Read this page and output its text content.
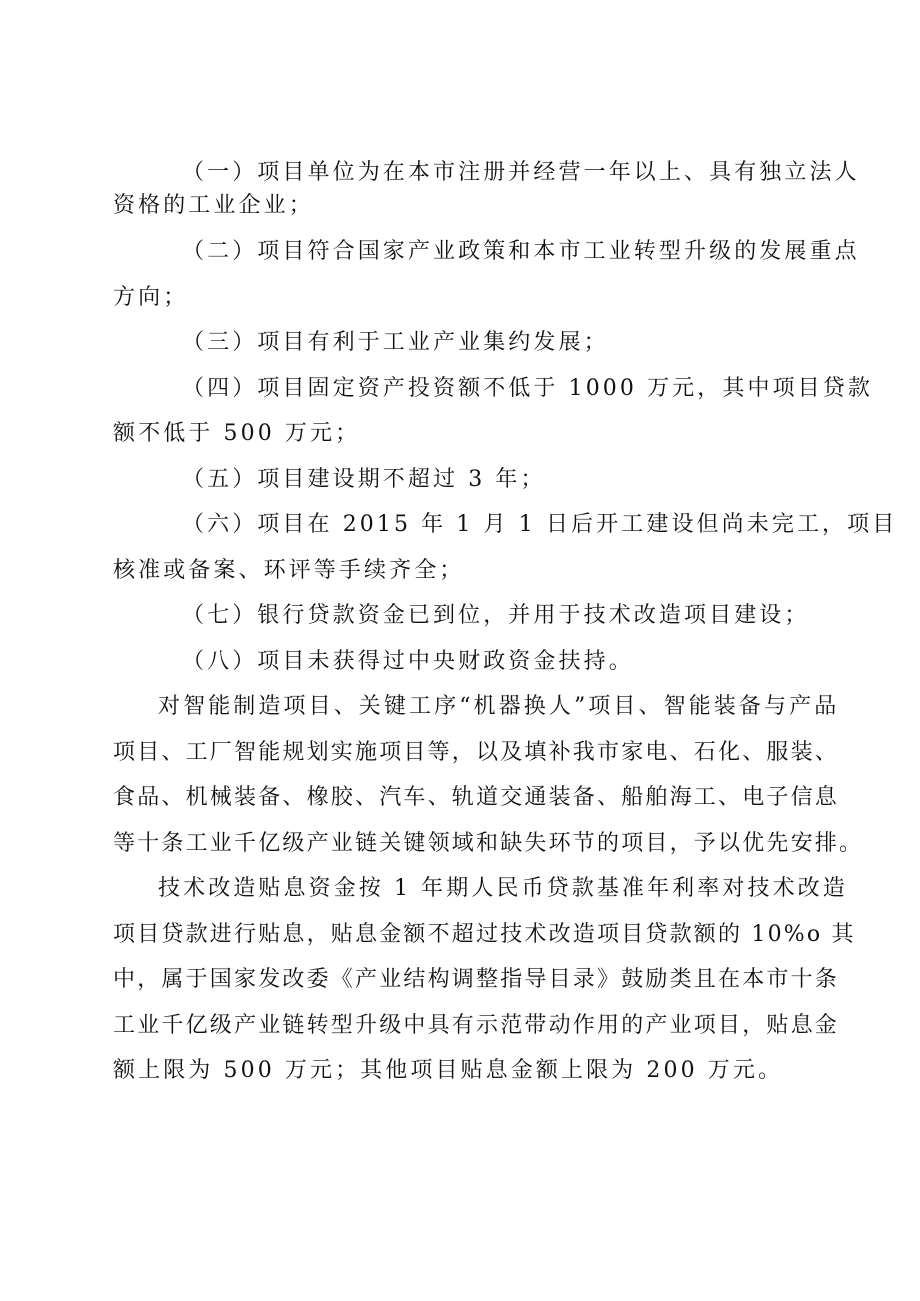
（一）项目单位为在本市注册并经营一年以上、具有独立法人
资格的工业企业；
（二）项目符合国家产业政策和本市工业转型升级的发展重点
方向；
（三）项目有利于工业产业集约发展；
（四）项目固定资产投资额不低于 1000 万元，其中项目贷款
额不低于 500 万元；
（五）项目建设期不超过 3 年；
（六）项目在 2015 年 1 月 1 日后开工建设但尚未完工，项目
核准或备案、环评等手续齐全；
（七）银行贷款资金已到位，并用于技术改造项目建设；
（八）项目未获得过中央财政资金扶持。
对智能制造项目、关键工序“机器换人”项目、智能装备与产品
项目、工厂智能规划实施项目等，以及填补我市家电、石化、服装、
食品、机械装备、橡胶、汽车、轨道交通装备、船舶海工、电子信息
等十条工业千亿级产业链关键领域和缺失环节的项目，予以优先安排。
技术改造贴息资金按 1 年期人民币贷款基准年利率对技术改造
项目贷款进行贴息，贴息金额不超过技术改造项目贷款额的 10%o 其
中，属于国家发改委《产业结构调整指导目录》鼓励类且在本市十条
工业千亿级产业链转型升级中具有示范带动作用的产业项目，贴息金
额上限为 500 万元；其他项目贴息金额上限为 200 万元。
